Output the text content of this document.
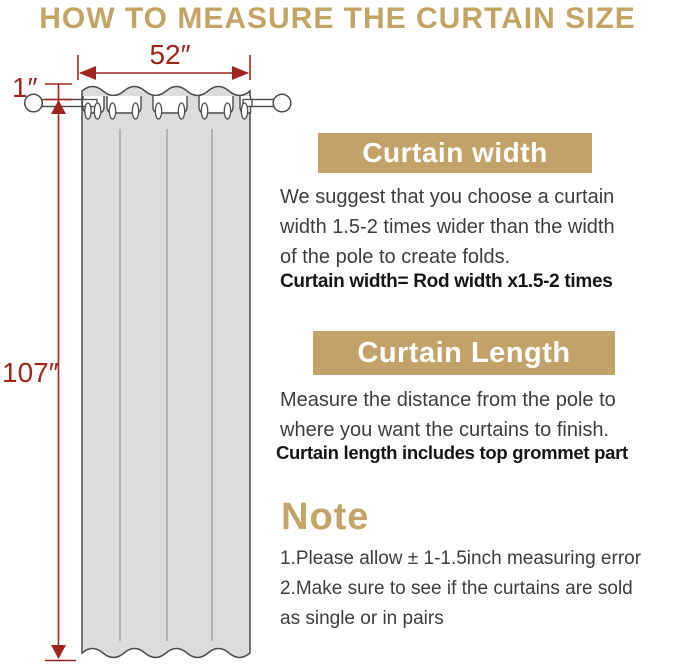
HOW TO MEASURE THE CURTAIN SIZE
52″
1″
107″
Curtain width
We suggest that you choose a curtain
width 1.5-2 times wider than the width
of the pole to create folds.
Curtain width= Rod width x1.5-2 times
Curtain Length
Measure the distance from the pole to
where you want the curtains to finish.
Curtain length includes top grommet part
Note
1.Please allow ± 1-1.5inch measuring error
2.Make sure to see if the curtains are sold
as single or in pairs
